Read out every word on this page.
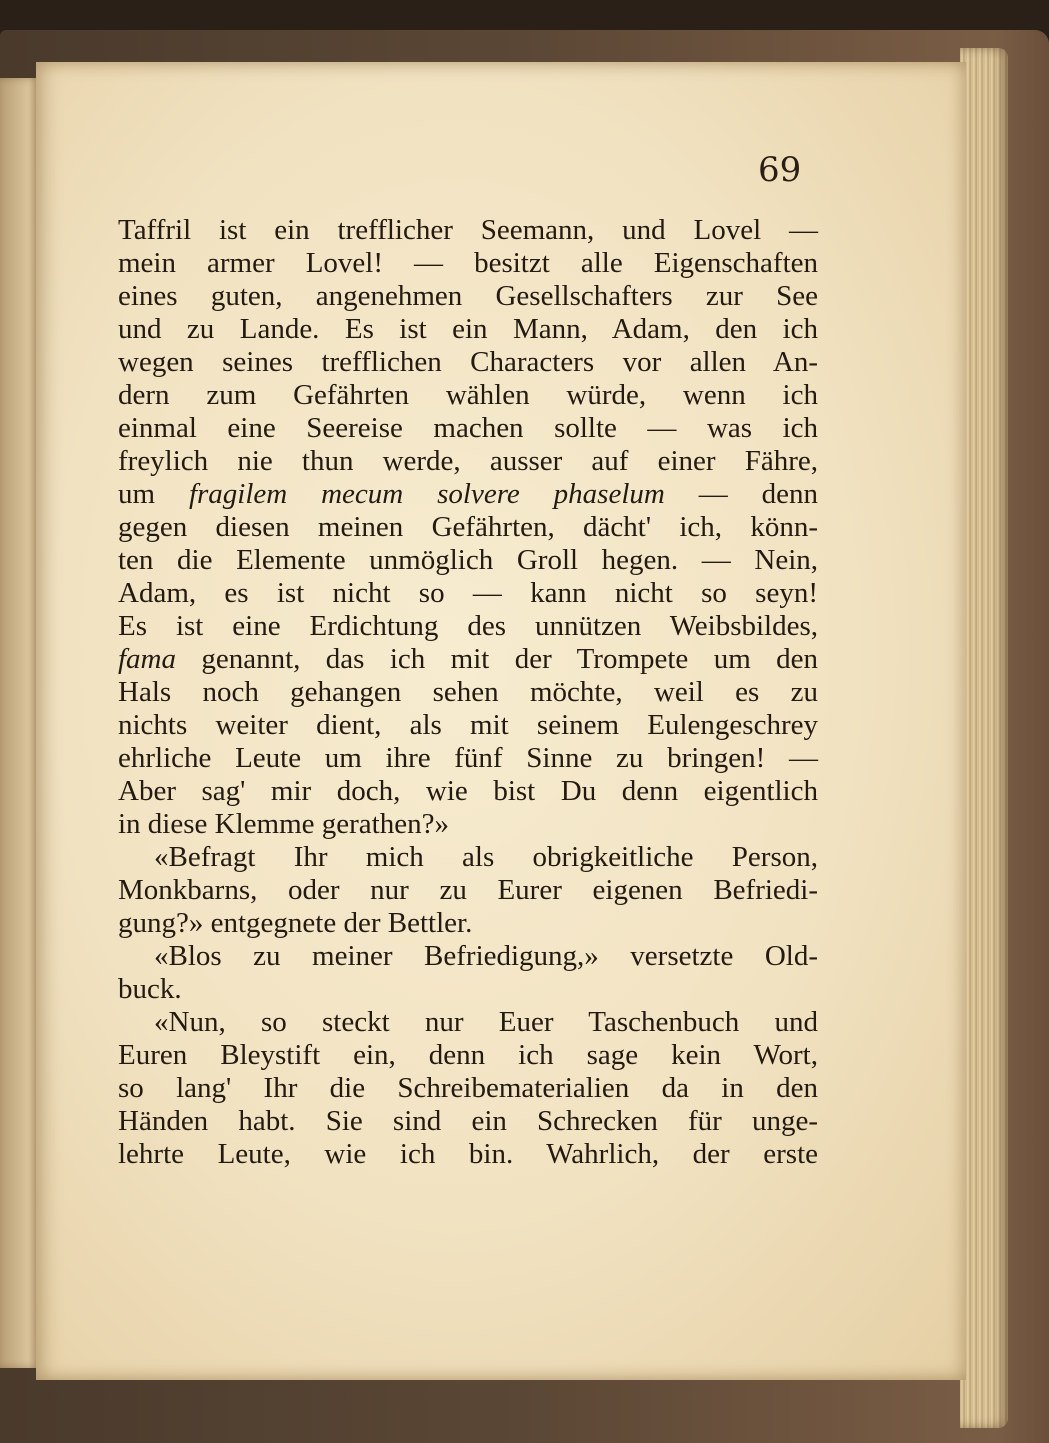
69

Taffril ist ein trefflicher Seemann, und Lovel —
mein armer Lovel! — besitzt alle Eigenschaften
eines guten, angenehmen Gesellschafters zur See
und zu Lande. Es ist ein Mann, Adam, den ich
wegen seines trefflichen Characters vor allen An-
dern zum Gefährten wählen würde, wenn ich
einmal eine Seereise machen sollte — was ich
freylich nie thun werde, ausser auf einer Fähre,
um fragilem mecum solvere phaselum — denn
gegen diesen meinen Gefährten, dächt' ich, könn-
ten die Elemente unmöglich Groll hegen. — Nein,
Adam, es ist nicht so — kann nicht so seyn!
Es ist eine Erdichtung des unnützen Weibsbildes,
fama genannt, das ich mit der Trompete um den
Hals noch gehangen sehen möchte, weil es zu
nichts weiter dient, als mit seinem Eulengeschrey
ehrliche Leute um ihre fünf Sinne zu bringen! —
Aber sag' mir doch, wie bist Du denn eigentlich
in diese Klemme gerathen?»
«Befragt Ihr mich als obrigkeitliche Person,
Monkbarns, oder nur zu Eurer eigenen Befriedi-
gung?» entgegnete der Bettler.
«Blos zu meiner Befriedigung,» versetzte Old-
buck.
«Nun, so steckt nur Euer Taschenbuch und
Euren Bleystift ein, denn ich sage kein Wort,
so lang' Ihr die Schreibematerialien da in den
Händen habt. Sie sind ein Schrecken für unge-
lehrte Leute, wie ich bin. Wahrlich, der erste
